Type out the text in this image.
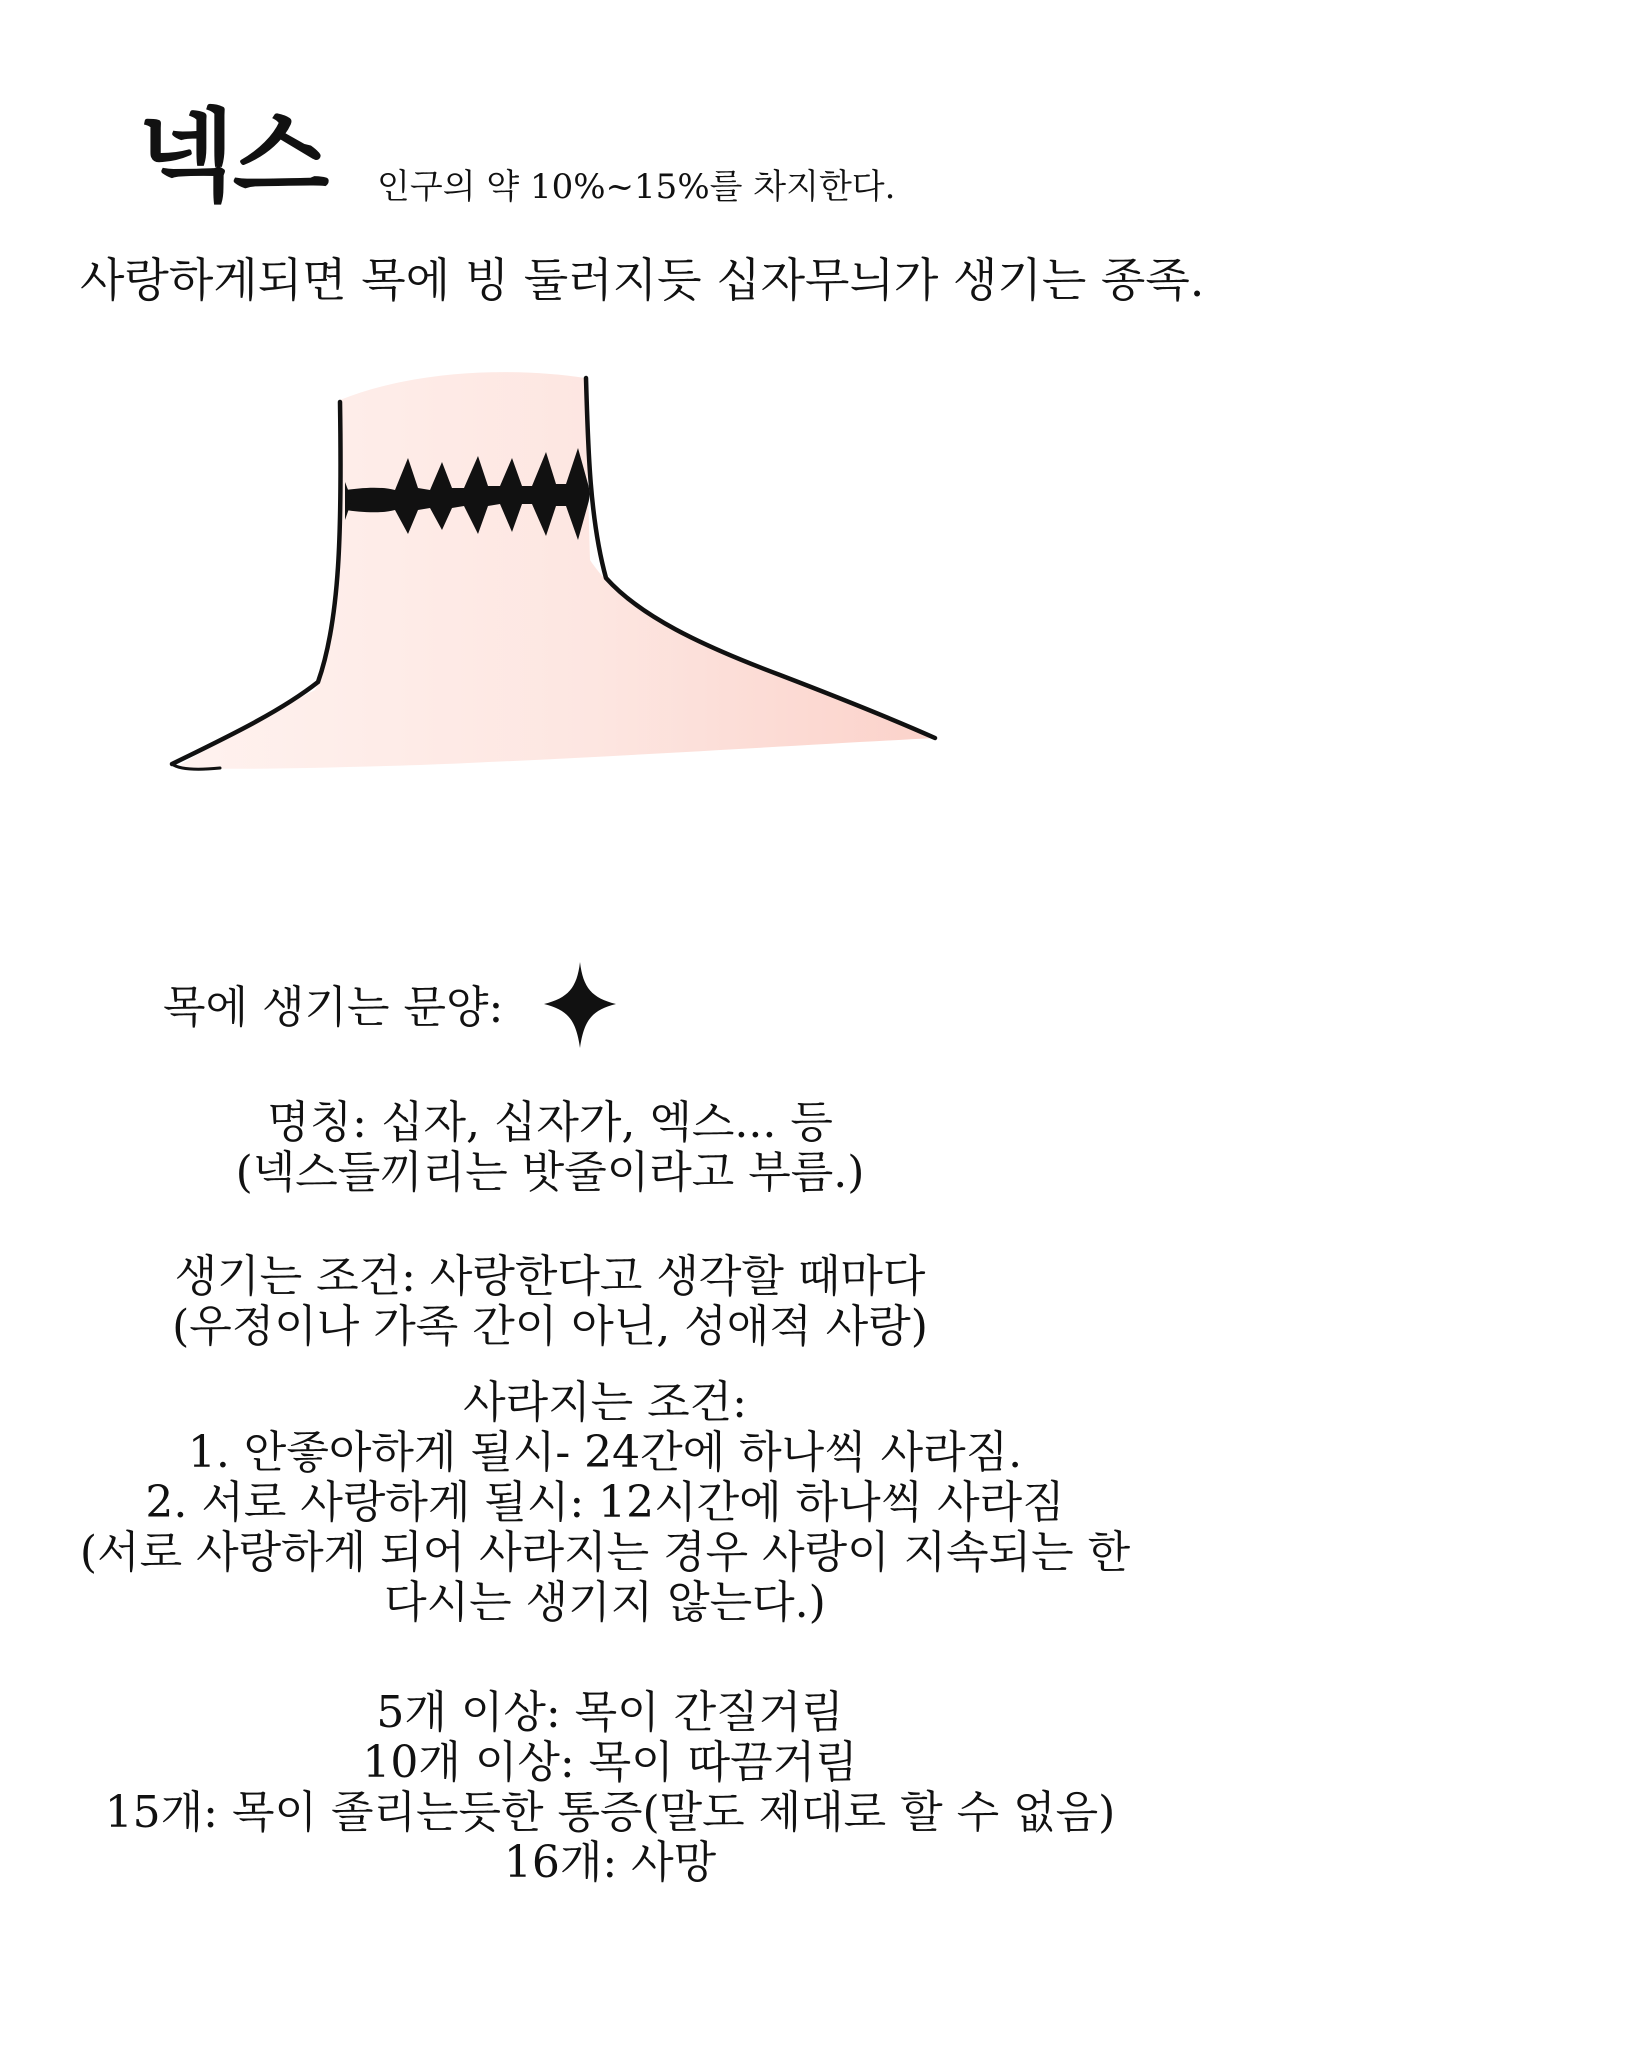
넥스 인구의 약 10%~15%를 차지한다.
사랑하게되면 목에 빙 둘러지듯 십자무늬가 생기는 종족.
목에 생기는 문양:
명칭: 십자, 십자가, 엑스... 등
(넥스들끼리는 밧줄이라고 부름.)
생기는 조건: 사랑한다고 생각할 때마다
(우정이나 가족 간이 아닌, 성애적 사랑)
사라지는 조건:
1. 안좋아하게 될시- 24간에 하나씩 사라짐.
2. 서로 사랑하게 될시: 12시간에 하나씩 사라짐
(서로 사랑하게 되어 사라지는 경우 사랑이 지속되는 한
다시는 생기지 않는다.)
5개 이상: 목이 간질거림
10개 이상: 목이 따끔거림
15개: 목이 졸리는듯한 통증(말도 제대로 할 수 없음)
16개: 사망
